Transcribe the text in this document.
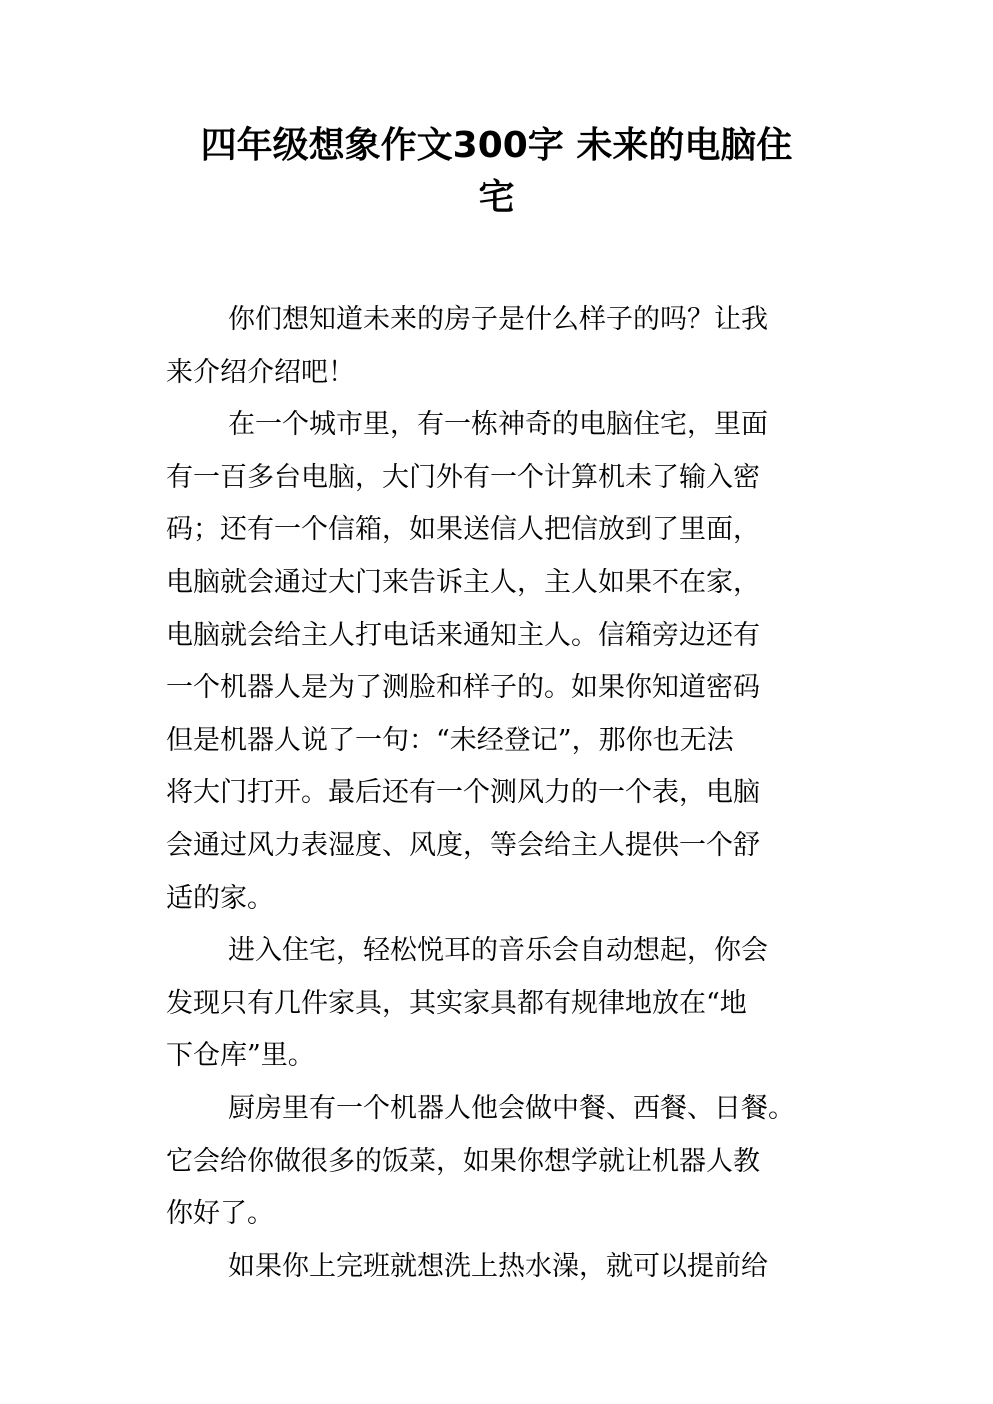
四年级想象作文300字 未来的电脑住
宅
你们想知道未来的房子是什么样子的吗？让我
来介绍介绍吧！
在一个城市里，有一栋神奇的电脑住宅，里面
有一百多台电脑，大门外有一个计算机未了输入密
码；还有一个信箱，如果送信人把信放到了里面，
电脑就会通过大门来告诉主人，主人如果不在家，
电脑就会给主人打电话来通知主人。信箱旁边还有
一个机器人是为了测脸和样子的。如果你知道密码
但是机器人说了一句：“未经登记”，那你也无法
将大门打开。最后还有一个测风力的一个表，电脑
会通过风力表湿度、风度，等会给主人提供一个舒
适的家。
进入住宅，轻松悦耳的音乐会自动想起，你会
发现只有几件家具，其实家具都有规律地放在“地
下仓库”里。
厨房里有一个机器人他会做中餐、西餐、日餐。
它会给你做很多的饭菜，如果你想学就让机器人教
你好了。
如果你上完班就想洗上热水澡，就可以提前给
